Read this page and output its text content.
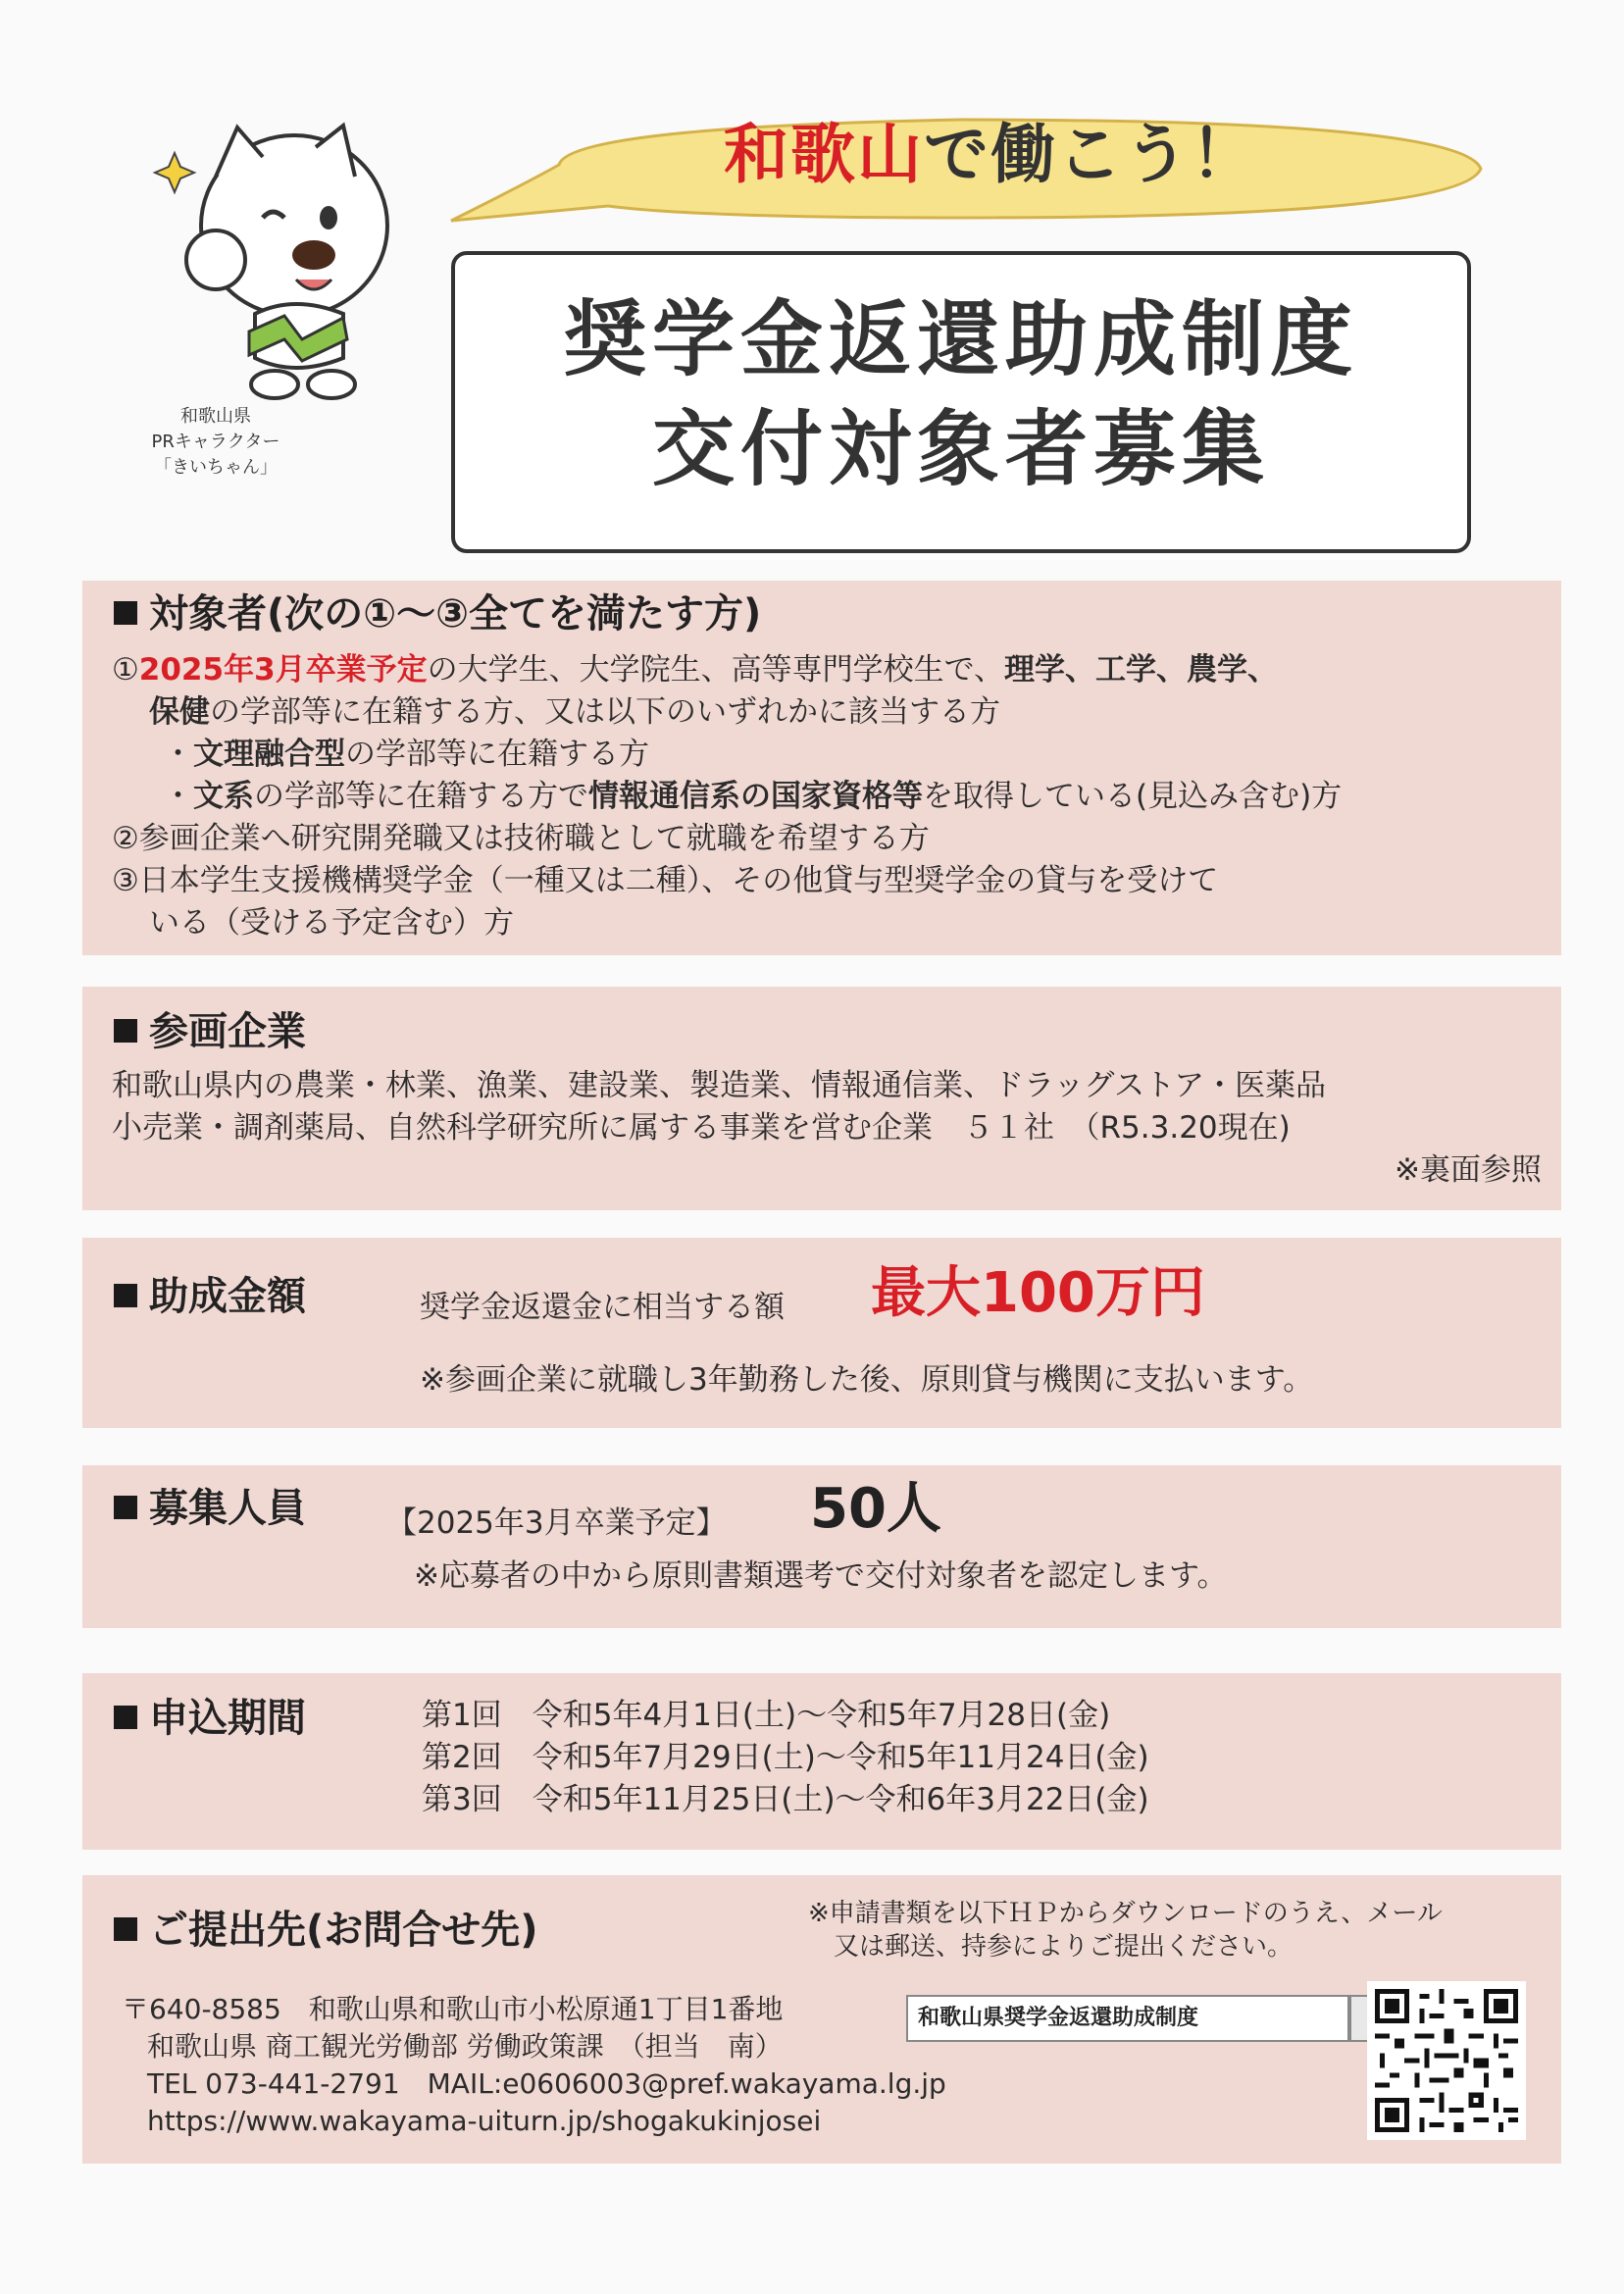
和歌山県
PRキャラクター
「きいちゃん」
和歌山で働こう！
奨学金返還助成制度
交付対象者募集
対象者(次の①～③全てを満たす方)
①2025年3月卒業予定の大学生、大学院生、高等専門学校生で、理学、工学、農学、
保健の学部等に在籍する方、又は以下のいずれかに該当する方
・文理融合型の学部等に在籍する方
・文系の学部等に在籍する方で情報通信系の国家資格等を取得している(見込み含む)方
②参画企業へ研究開発職又は技術職として就職を希望する方
③日本学生支援機構奨学金（一種又は二種）、その他貸与型奨学金の貸与を受けて
いる（受ける予定含む）方
参画企業
和歌山県内の農業・林業、漁業、建設業、製造業、情報通信業、ドラッグストア・医薬品
小売業・調剤薬局、自然科学研究所に属する事業を営む企業　５１社　（R5.3.20現在)
※裏面参照
助成金額	奨学金返還金に相当する額 最大100万円
※参画企業に就職し3年勤務した後、原則貸与機関に支払います。
募集人員	【2025年3月卒業予定】 50人
※応募者の中から原則書類選考で交付対象者を認定します。
申込期間	第1回　 令和5年4月1日(土)～令和5年7月28日(金)
第2回　 令和5年7月29日(土)～令和5年11月24日(金)
第3回　 令和5年11月25日(土)～令和6年3月22日(金)
ご提出先(お問合せ先)	※申請書類を以下ＨＰからダウンロードのうえ、メール
又は郵送、持参によりご提出ください。
〒640-8585　和歌山県和歌山市小松原通1丁目1番地
和歌山県 商工観光労働部 労働政策課　（担当　南）
TEL 073-441-2791　MAIL:e0606003@pref.wakayama.lg.jp
https://www.wakayama-uiturn.jp/shogakukinjosei
和歌山県奨学金返還助成制度
